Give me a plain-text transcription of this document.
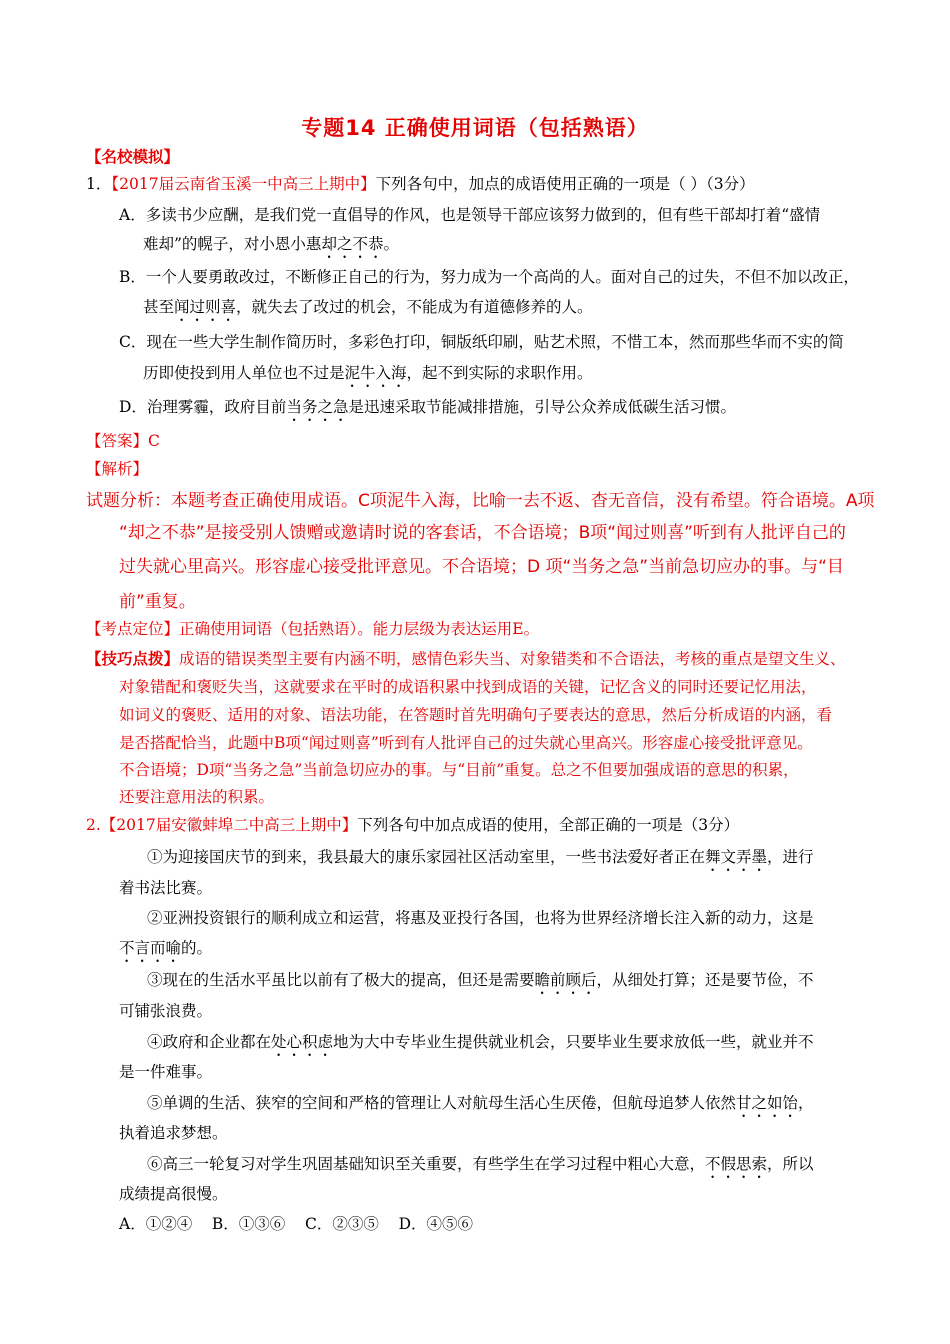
专题14 正确使用词语（包括熟语）
【名校模拟】
1．【2017届云南省玉溪一中高三上期中】下列各句中，加点的成语使用正确的一项是（ ）（3分）
A．多读书少应酬，是我们党一直倡导的作风，也是领导干部应该努力做到的，但有些干部却打着“盛情
难却”的幌子，对小恩小惠却之不恭。
B．一个人要勇敢改过，不断修正自己的行为，努力成为一个高尚的人。面对自己的过失，不但不加以改正，
甚至闻过则喜，就失去了改过的机会，不能成为有道德修养的人。
C．现在一些大学生制作简历时，多彩色打印，铜版纸印刷，贴艺术照，不惜工本，然而那些华而不实的简
历即使投到用人单位也不过是泥牛入海，起不到实际的求职作用。
D．治理雾霾，政府目前当务之急是迅速采取节能减排措施，引导公众养成低碳生活习惯。
【答案】C
【解析】
试题分析：本题考查正确使用成语。C项泥牛入海，比喻一去不返、杳无音信，没有希望。符合语境。A项
“却之不恭”是接受别人馈赠或邀请时说的客套话，不合语境；B项“闻过则喜”听到有人批评自己的
过失就心里高兴。形容虚心接受批评意见。不合语境；D 项“当务之急”当前急切应办的事。与“目
前”重复。
【考点定位】正确使用词语（包括熟语）。能力层级为表达运用E。
【技巧点拨】成语的错误类型主要有内涵不明，感情色彩失当、对象错类和不合语法，考核的重点是望文生义、
对象错配和褒贬失当，这就要求在平时的成语积累中找到成语的关键，记忆含义的同时还要记忆用法，
如词义的褒贬、适用的对象、语法功能，在答题时首先明确句子要表达的意思，然后分析成语的内涵，看
是否搭配恰当，此题中B项“闻过则喜”听到有人批评自己的过失就心里高兴。形容虚心接受批评意见。
不合语境；D项“当务之急”当前急切应办的事。与“目前”重复。总之不但要加强成语的意思的积累，
还要注意用法的积累。
2.【2017届安徽蚌埠二中高三上期中】下列各句中加点成语的使用，全部正确的一项是（3分）
①为迎接国庆节的到来，我县最大的康乐家园社区活动室里，一些书法爱好者正在舞文弄墨，进行
着书法比赛。
②亚洲投资银行的顺利成立和运营，将惠及亚投行各国，也将为世界经济增长注入新的动力，这是
不言而喻的。
③现在的生活水平虽比以前有了极大的提高，但还是需要瞻前顾后，从细处打算；还是要节俭，不
可铺张浪费。
④政府和企业都在处心积虑地为大中专毕业生提供就业机会，只要毕业生要求放低一些，就业并不
是一件难事。
⑤单调的生活、狭窄的空间和严格的管理让人对航母生活心生厌倦，但航母追梦人依然甘之如饴，
执着追求梦想。
⑥高三一轮复习对学生巩固基础知识至关重要，有些学生在学习过程中粗心大意，不假思索，所以
成绩提高很慢。
A．①②④    B．①③⑥    C．②③⑤    D．④⑤⑥
